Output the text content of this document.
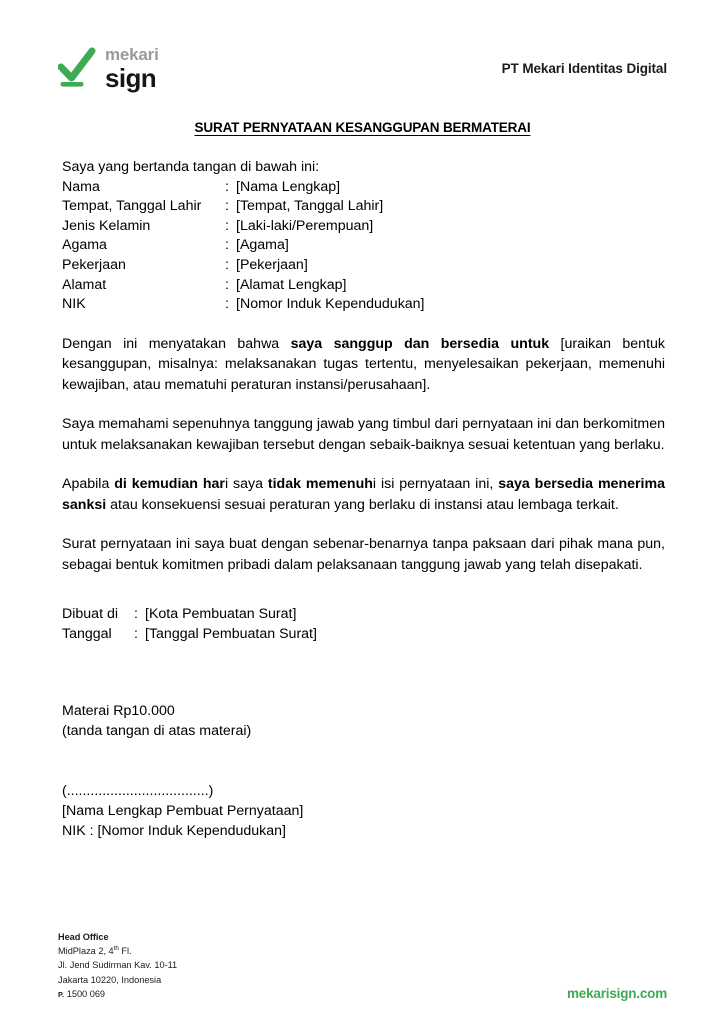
mekari
sign	PT Mekari Identitas Digital
SURAT PERNYATAAN KESANGGUPAN BERMATERAI
Saya yang bertanda tangan di bawah ini:
Nama	:	[Nama Lengkap]
Tempat, Tanggal Lahir	:	[Tempat, Tanggal Lahir]
Jenis Kelamin	:	[Laki-laki/Perempuan]
Agama	:	[Agama]
Pekerjaan	:	[Pekerjaan]
Alamat	:	[Alamat Lengkap]
NIK	:	[Nomor Induk Kependudukan]

Dengan ini menyatakan bahwa saya sanggup dan bersedia untuk [uraikan bentuk kesanggupan, misalnya: melaksanakan tugas tertentu, menyelesaikan pekerjaan, memenuhi kewajiban, atau mematuhi peraturan instansi/perusahaan].

Saya memahami sepenuhnya tanggung jawab yang timbul dari pernyataan ini dan berkomitmen untuk melaksanakan kewajiban tersebut dengan sebaik-baiknya sesuai ketentuan yang berlaku.

Apabila di kemudian hari saya tidak memenuhi isi pernyataan ini, saya bersedia menerima sanksi atau konsekuensi sesuai peraturan yang berlaku di instansi atau lembaga terkait.

Surat pernyataan ini saya buat dengan sebenar-benarnya tanpa paksaan dari pihak mana pun, sebagai bentuk komitmen pribadi dalam pelaksanaan tanggung jawab yang telah disepakati.

Dibuat di	:	[Kota Pembuatan Surat]
Tanggal	:	[Tanggal Pembuatan Surat]
Materai Rp10.000
(tanda tangan di atas materai)
(....................................)
[Nama Lengkap Pembuat Pernyataan]
NIK : [Nomor Induk Kependudukan]
Head Office
MidPlaza 2, 4th Fl.
Jl. Jend Sudirman Kav. 10-11
Jakarta 10220, Indonesia
P. 1500 069	mekarisign.com
